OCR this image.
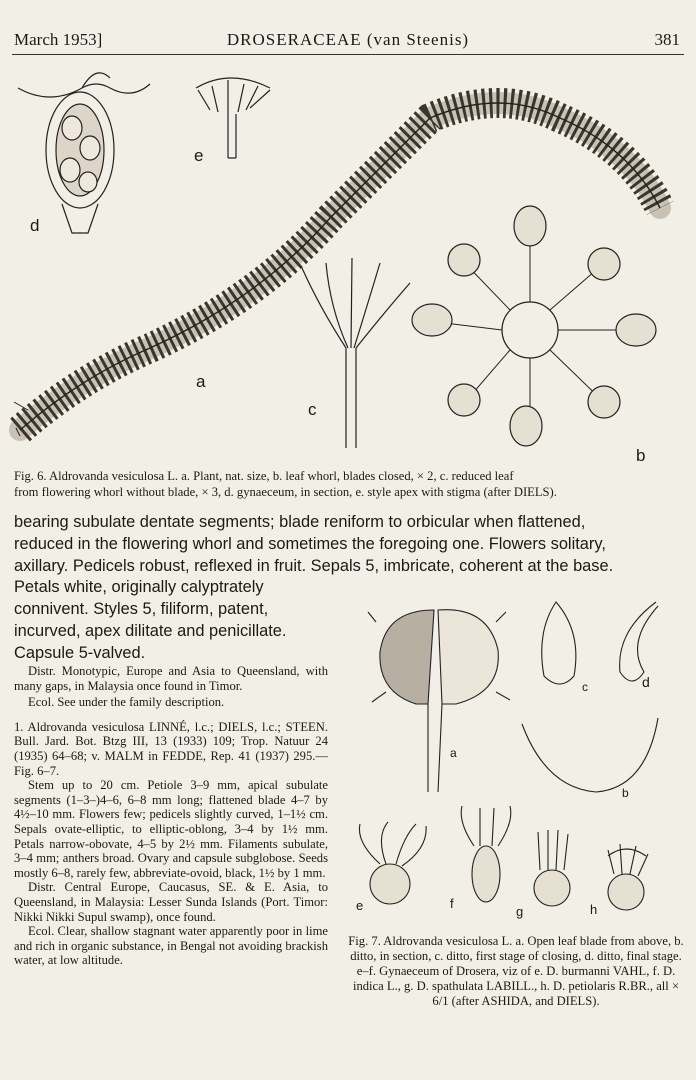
March 1953]	DROSERACEAE (van Steenis)	381
d
e
a
c
b
Fig. 6. Aldrovanda vesiculosa L. a. Plant, nat. size, b. leaf whorl, blades closed, × 2, c. reduced leaf
from flowering whorl without blade, × 3, d. gynaeceum, in section, e. style apex with stigma (after DIELS).
bearing subulate dentate segments; blade reniform to orbicular when flattened,
reduced in the flowering whorl and sometimes the foregoing one. Flowers solitary,
axillary. Pedicels robust, reflexed in fruit. Sepals 5, imbricate, coherent at the base.
Petals white, originally calyptrately
connivent. Styles 5, filiform, patent,
incurved, apex dilitate and penicillate.
Capsule 5-valved.

Distr. Monotypic, Europe and Asia to Queensland, with many gaps, in Malaysia once found in Timor.

Ecol. See under the family description.

1. Aldrovanda vesiculosa LINNÉ, l.c.; DIELS, l.c.; STEEN. Bull. Jard. Bot. Btzg III, 13 (1933) 109; Trop. Natuur 24 (1935) 64–68; v. MALM in FEDDE, Rep. 41 (1937) 295.—Fig. 6–7.

Stem up to 20 cm. Petiole 3–9 mm, apical subulate segments (1–3–)4–6, 6–8 mm long; flattened blade 4–7 by 4½–10 mm. Flowers few; pedicels slightly curved, 1–1½ cm. Sepals ovate-elliptic, to elliptic-oblong, 3–4 by 1½ mm. Petals narrow-obovate, 4–5 by 2½ mm. Filaments subulate, 3–4 mm; anthers broad. Ovary and capsule subglobose. Seeds mostly 6–8, rarely few, abbreviate-ovoid, black, 1½ by 1 mm.

Distr. Central Europe, Caucasus, SE. & E. Asia, to Queensland, in Malaysia: Lesser Sunda Islands (Port. Timor: Nikki Nikki Supul swamp), once found.

Ecol. Clear, shallow stagnant water apparently poor in lime and rich in organic substance, in Bengal not avoiding brackish water, at low altitude.

a
b
c	d
e	f
g	h
Fig. 7. Aldrovanda vesiculosa L. a. Open leaf blade from above, b. ditto, in section, c. ditto, first stage of closing, d. ditto, final stage. e–f. Gynaeceum of Drosera, viz of e. D. burmanni VAHL, f. D. indica L., g. D. spathulata LABILL., h. D. petiolaris R.BR., all × 6/1 (after ASHIDA, and DIELS).
